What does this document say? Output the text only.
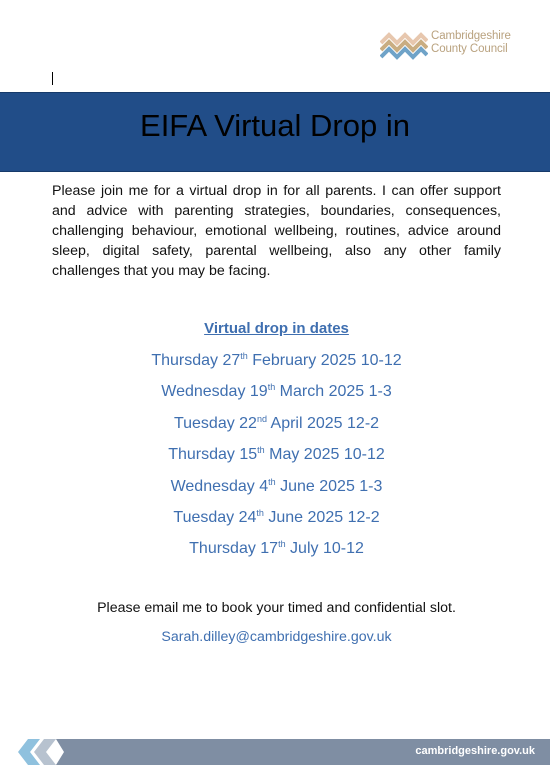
Cambridgeshire
County Council
EIFA Virtual Drop in

Please join me for a virtual drop in for all parents. I can offer support and advice with parenting strategies, boundaries, consequences, challenging behaviour, emotional wellbeing, routines, advice around sleep, digital safety, parental wellbeing, also any other family challenges that you may be facing.

Virtual drop in dates
Thursday 27th February 2025 10-12
Wednesday 19th March 2025 1-3
Tuesday 22nd April 2025 12-2
Thursday 15th May 2025 10-12
Wednesday 4th June 2025 1-3
Tuesday 24th June 2025 12-2
Thursday 17th July 10-12
Please email me to book your timed and confidential slot.
Sarah.dilley@cambridgeshire.gov.uk
cambridgeshire.gov.uk
